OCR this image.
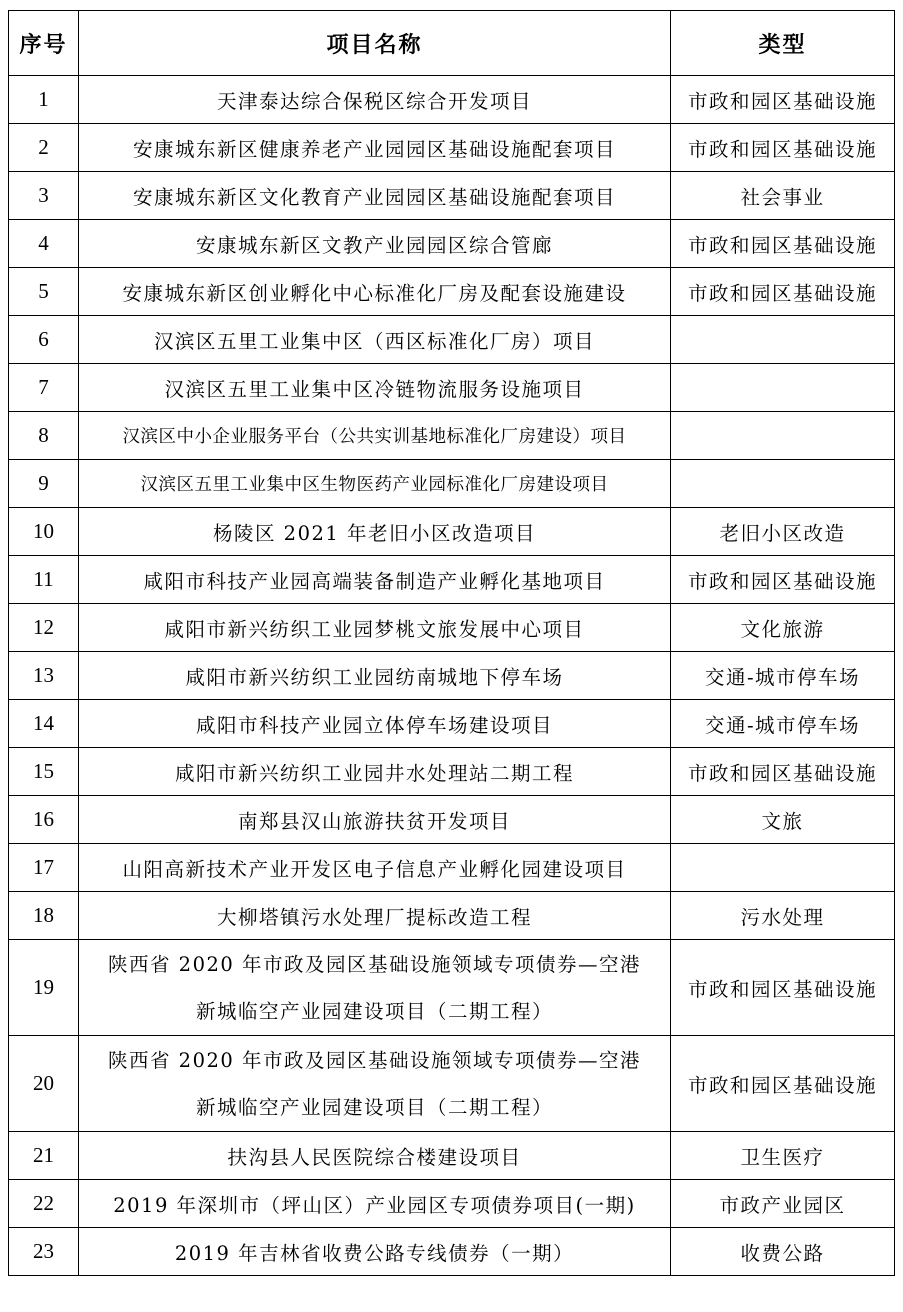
序号	项目名称	类型
1	天津泰达综合保税区综合开发项目	市政和园区基础设施
2	安康城东新区健康养老产业园园区基础设施配套项目	市政和园区基础设施
3	安康城东新区文化教育产业园园区基础设施配套项目	社会事业
4	安康城东新区文教产业园园区综合管廊	市政和园区基础设施
5	安康城东新区创业孵化中心标准化厂房及配套设施建设	市政和园区基础设施
6	汉滨区五里工业集中区（西区标准化厂房）项目	
7	汉滨区五里工业集中区冷链物流服务设施项目	
8	汉滨区中小企业服务平台（公共实训基地标准化厂房建设）项目	
9	汉滨区五里工业集中区生物医药产业园标准化厂房建设项目	
10	杨陵区 2021 年老旧小区改造项目	老旧小区改造
11	咸阳市科技产业园高端装备制造产业孵化基地项目	市政和园区基础设施
12	咸阳市新兴纺织工业园梦桃文旅发展中心项目	文化旅游
13	咸阳市新兴纺织工业园纺南城地下停车场	交通-城市停车场
14	咸阳市科技产业园立体停车场建设项目	交通-城市停车场
15	咸阳市新兴纺织工业园井水处理站二期工程	市政和园区基础设施
16	南郑县汉山旅游扶贫开发项目	文旅
17	山阳高新技术产业开发区电子信息产业孵化园建设项目	
18	大柳塔镇污水处理厂提标改造工程	污水处理
19	陕西省 2020 年市政及园区基础设施领域专项债券—空港
新城临空产业园建设项目（二期工程）	市政和园区基础设施
20	陕西省 2020 年市政及园区基础设施领域专项债券—空港
新城临空产业园建设项目（二期工程）	市政和园区基础设施
21	扶沟县人民医院综合楼建设项目	卫生医疗
22	2019 年深圳市（坪山区）产业园区专项债券项目(一期)	市政产业园区
23	2019 年吉林省收费公路专线债券（一期）	收费公路
